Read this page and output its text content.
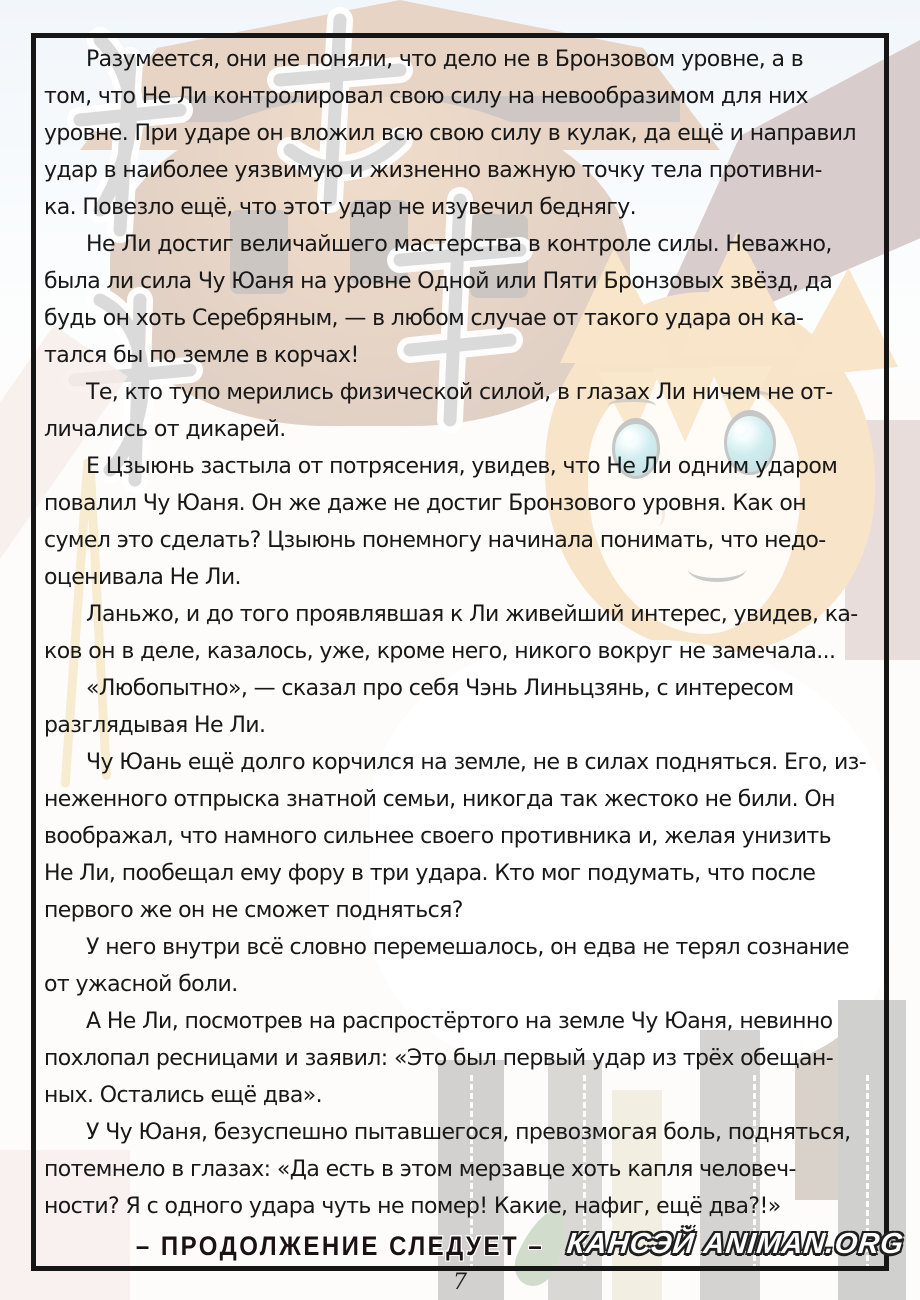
Разумеется, они не поняли, что дело не в Бронзовом уровне, а в
том, что Не Ли контролировал свою силу на невообразимом для них
уровне. При ударе он вложил всю свою силу в кулак, да ещё и направил
удар в наиболее уязвимую и жизненно важную точку тела противни-
ка. Повезло ещё, что этот удар не изувечил беднягу.

Не Ли достиг величайшего мастерства в контроле силы. Неважно,
была ли сила Чу Юаня на уровне Одной или Пяти Бронзовых звёзд, да
будь он хоть Серебряным, — в любом случае от такого удара он ка-
тался бы по земле в корчах!

Те, кто тупо мерились физической силой, в глазах Ли ничем не от-
личались от дикарей.

Е Цзыюнь застыла от потрясения, увидев, что Не Ли одним ударом
повалил Чу Юаня. Он же даже не достиг Бронзового уровня. Как он
сумел это сделать? Цзыюнь понемногу начинала понимать, что недо-
оценивала Не Ли.

Ланьжо, и до того проявлявшая к Ли живейший интерес, увидев, ка-
ков он в деле, казалось, уже, кроме него, никого вокруг не замечала...

«Любопытно», — сказал про себя Чэнь Линьцзянь, с интересом
разглядывая Не Ли.

Чу Юань ещё долго корчился на земле, не в силах подняться. Его, из-
неженного отпрыска знатной семьи, никогда так жестоко не били. Он
воображал, что намного сильнее своего противника и, желая унизить
Не Ли, пообещал ему фору в три удара. Кто мог подумать, что после
первого же он не сможет подняться?

У него внутри всё словно перемешалось, он едва не терял сознание
от ужасной боли.

А Не Ли, посмотрев на распростёртого на земле Чу Юаня, невинно
похлопал ресницами и заявил: «Это был первый удар из трёх обещан-
ных. Остались ещё два».

У Чу Юаня, безуспешно пытавшегося, превозмогая боль, подняться,
потемнело в глазах: «Да есть в этом мерзавце хоть капля человеч-
ности? Я с одного удара чуть не помер! Какие, нафиг, ещё два?!»

– ПРОДОЛЖЕНИЕ СЛЕДУЕТ – КАНСЭЙ ANIMAN.ORG
7
